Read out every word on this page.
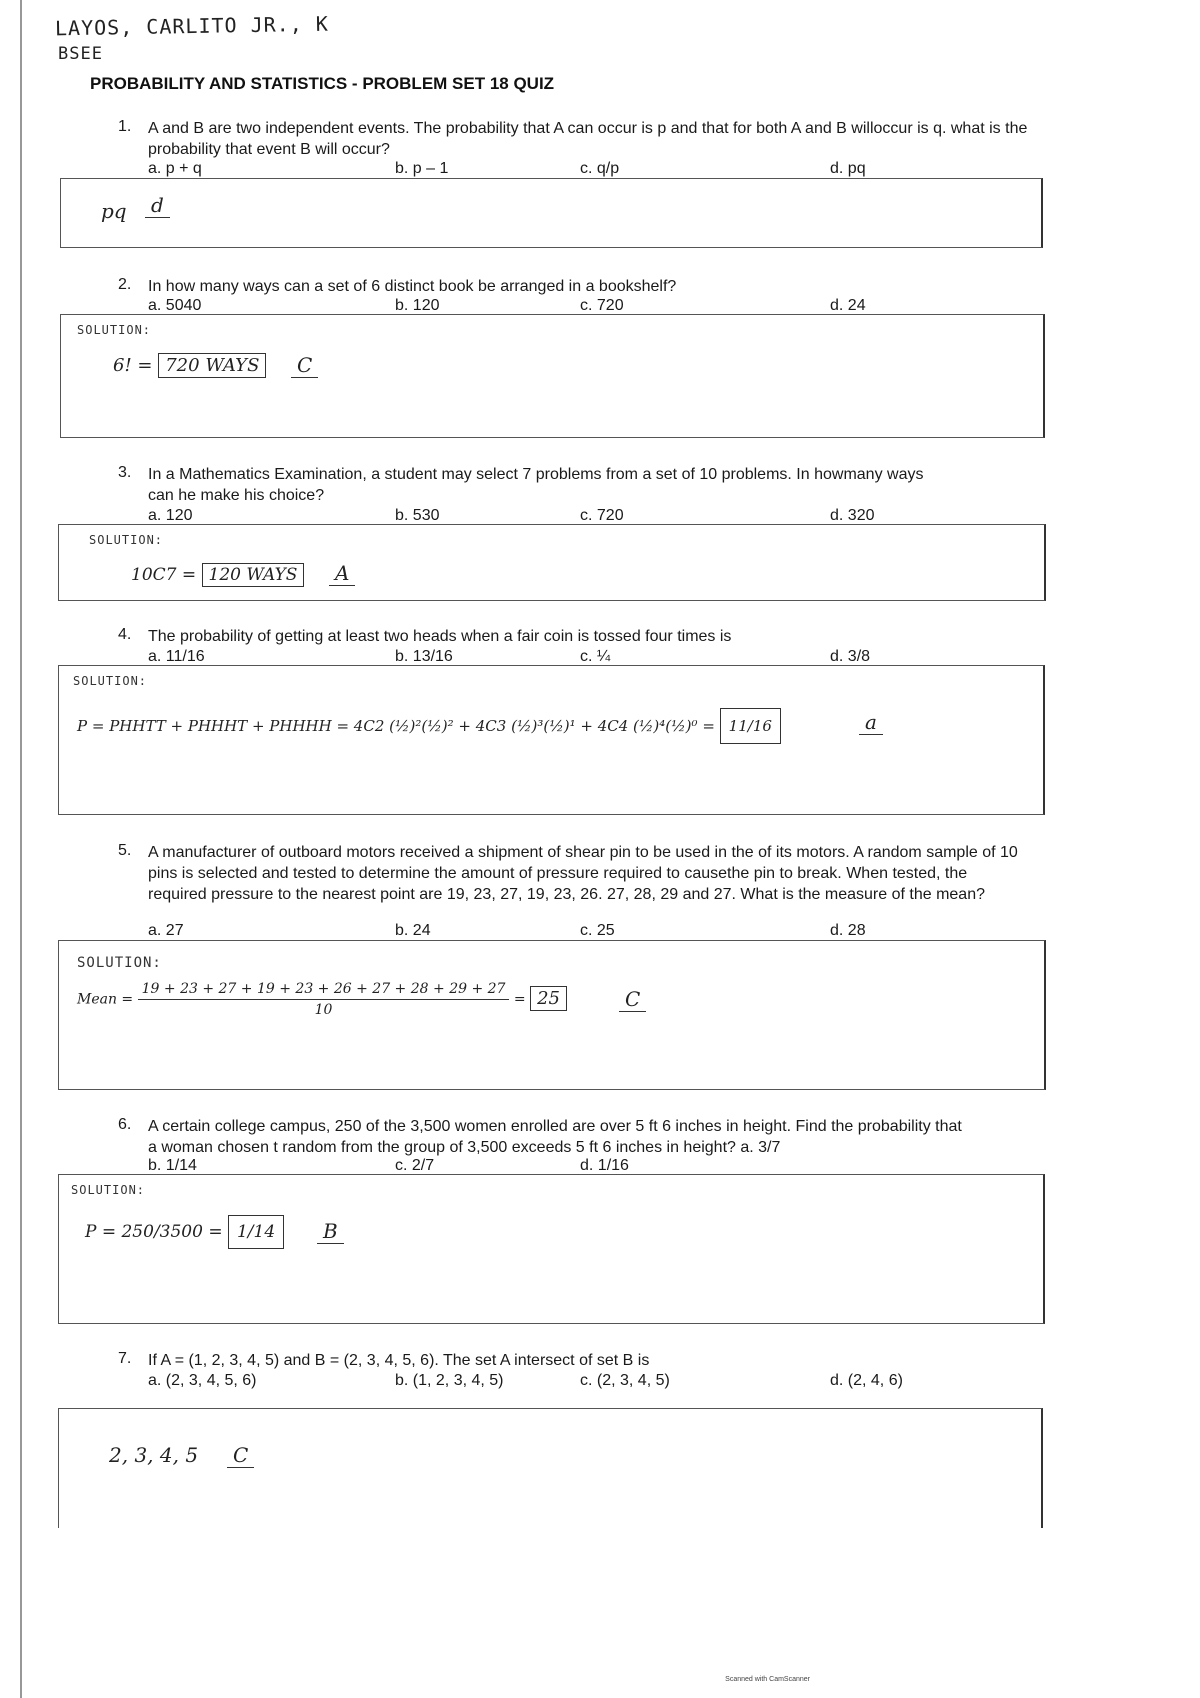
LAYOS, CARLITO JR., K
BSEE
PROBABILITY AND STATISTICS - PROBLEM SET 18 QUIZ
1. A and B are two independent events. The probability that A can occur is p and that for both A and B willoccur is q. what is the probability that event B will occur?
a. p + q	b. p – 1	c. q/p	d. pq
pq	d
2. In how many ways can a set of 6 distinct book be arranged in a bookshelf?
a. 5040	b. 120	c. 720	d. 24
SOLUTION:
6! = 720 WAYS	C
3. In a Mathematics Examination, a student may select 7 problems from a set of 10 problems. In howmany ways can he make his choice?
a. 120	b. 530	c. 720	d. 320
SOLUTION:
10C7 = 120 WAYS	A
4. The probability of getting at least two heads when a fair coin is tossed four times is
a. 11/16	b. 13/16	c. ¼	d. 3/8
SOLUTION:
P = PHHTT + PHHHT + PHHHH = 4C2 (½)²(½)² + 4C3 (½)³(½)¹ + 4C4 (½)⁴(½)⁰ = 11/16	a
5. A manufacturer of outboard motors received a shipment of shear pin to be used in the of its motors. A random sample of 10 pins is selected and tested to determine the amount of pressure required to causethe pin to break. When tested, the required pressure to the nearest point are 19, 23, 27, 19, 23, 26. 27, 28, 29 and 27. What is the measure of the mean?
a. 27	b. 24	c. 25	d. 28
SOLUTION:
Mean = $\frac{19 + 23 + 27 + 19 + 23 + 26 + 27 + 28 + 29 + 27}{10} = 25$	C
6. A certain college campus, 250 of the 3,500 women enrolled are over 5 ft 6 inches in height. Find the probability that a woman chosen t random from the group of 3,500 exceeds 5 ft 6 inches in height? a. 3/7
b. 1/14	c. 2/7	d. 1/16
SOLUTION:
P = 250/3500 = 1/14	B
7. If A = (1, 2, 3, 4, 5) and B = (2, 3, 4, 5, 6). The set A intersect of set B is
a. (2, 3, 4, 5, 6)	b. (1, 2, 3, 4, 5)	c. (2, 3, 4, 5)	d. (2, 4, 6)
2, 3, 4, 5	C
Scanned with CamScanner
